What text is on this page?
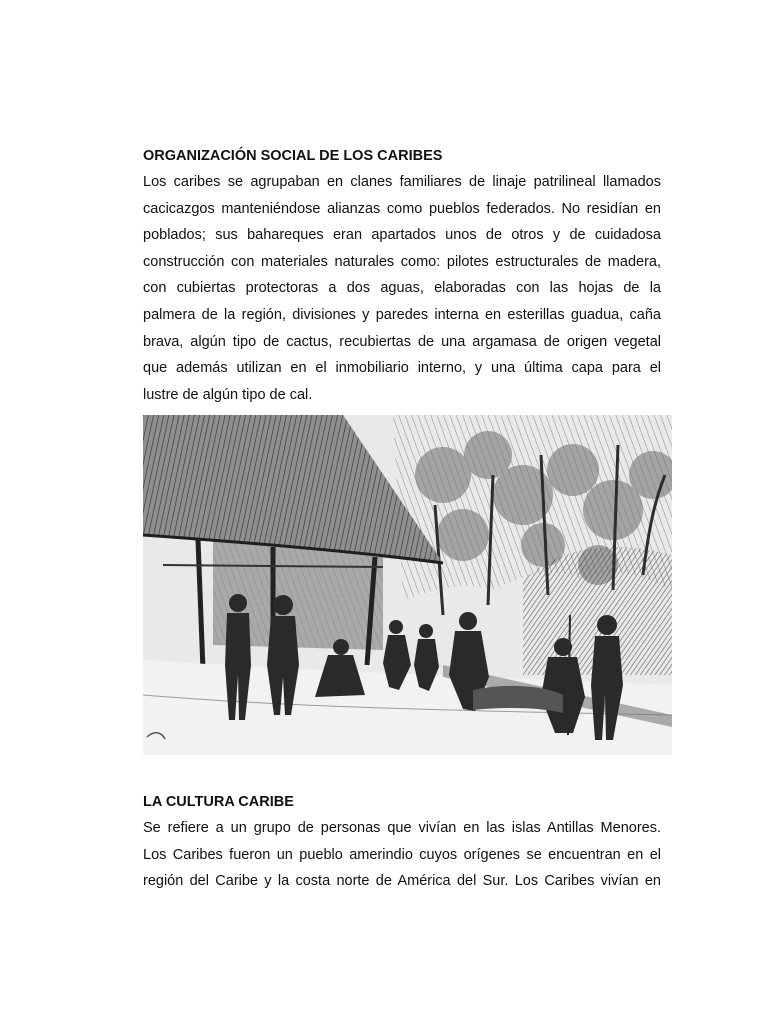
ORGANIZACIÓN SOCIAL DE LOS CARIBES
Los caribes se agrupaban en clanes familiares de linaje patrilineal llamados
cacicazgos manteniéndose alianzas como pueblos federados. No residían en
poblados; sus bahareques eran apartados unos de otros y de cuidadosa
construcción con materiales naturales como: pilotes estructurales de madera,
con cubiertas protectoras a dos aguas, elaboradas con las hojas de la
palmera de la región, divisiones y paredes interna en esterillas guadua, caña
brava, algún tipo de cactus, recubiertas de una argamasa de origen vegetal
que además utilizan en el inmobiliario interno, y una última capa para el
lustre de algún tipo de cal.
LA CULTURA CARIBE
Se refiere a un grupo de personas que vivían en las islas Antillas Menores.
Los Caribes fueron un pueblo amerindio cuyos orígenes se encuentran en el
región del Caribe y la costa norte de América del Sur. Los Caribes vivían en
